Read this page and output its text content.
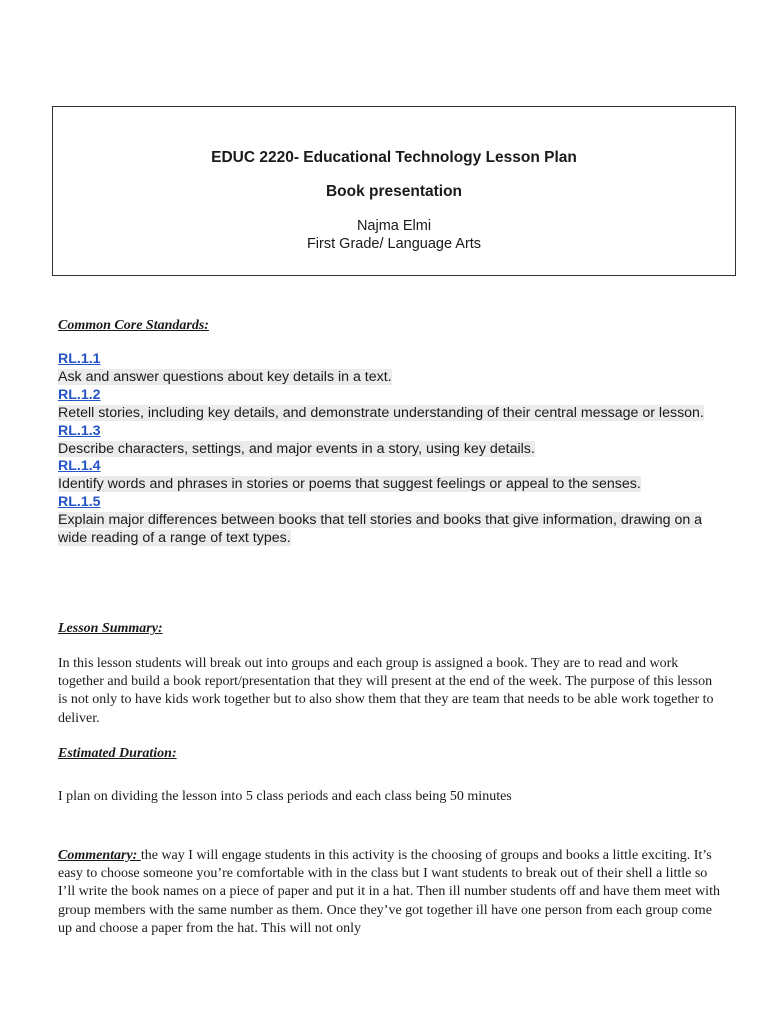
EDUC 2220- Educational Technology Lesson Plan
Book presentation
Najma Elmi
First Grade/ Language Arts
Common Core Standards:
RL.1.1
Ask and answer questions about key details in a text.
RL.1.2
Retell stories, including key details, and demonstrate understanding of their central message or lesson.
RL.1.3
Describe characters, settings, and major events in a story, using key details.
RL.1.4
Identify words and phrases in stories or poems that suggest feelings or appeal to the senses.
RL.1.5
Explain major differences between books that tell stories and books that give information, drawing on a wide reading of a range of text types.
Lesson Summary:
In this lesson students will break out into groups and each group is assigned a book. They are to read and work together and build a book report/presentation that they will present at the end of the week. The purpose of this lesson is not only to have kids work together but to also show them that they are team that needs to be able work together to deliver.
Estimated Duration:
I plan on dividing the lesson into 5 class periods and each class being 50 minutes
Commentary: the way I will engage students in this activity is the choosing of groups and books a little exciting. It’s easy to choose someone you’re comfortable with in the class but I want students to break out of their shell a little so I’ll write the book names on a piece of paper and put it in a hat. Then ill number students off and have them meet with group members with the same number as them. Once they’ve got together ill have one person from each group come up and choose a paper from the hat. This will not only
